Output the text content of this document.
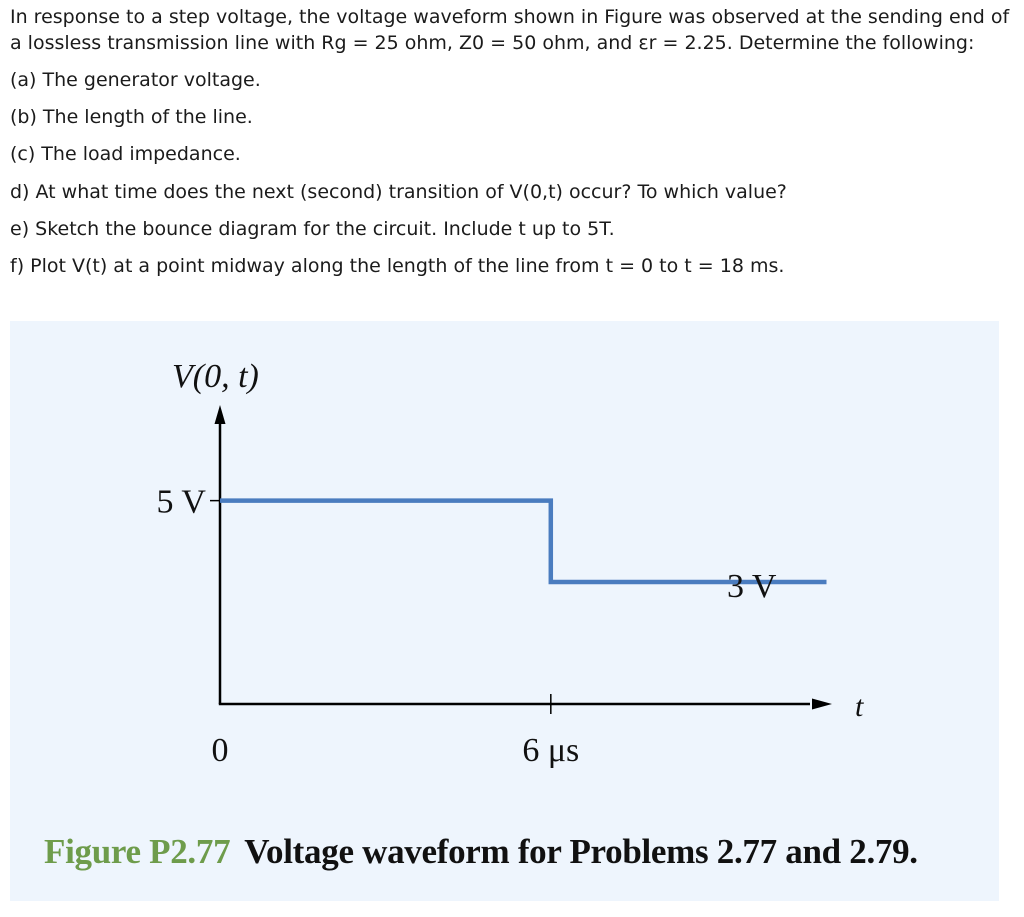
In response to a step voltage, the voltage waveform shown in Figure was observed at the sending end of a lossless transmission line with Rg = 25 ohm, Z0 = 50 ohm, and εr = 2.25. Determine the following:

(a) The generator voltage.

(b) The length of the line.

(c) The load impedance.

d) At what time does the next (second) transition of V(0,t) occur? To which value?

e) Sketch the bounce diagram for the circuit. Include t up to 5T.

f) Plot V(t) at a point midway along the length of the line from t = 0 to t = 18 ms.

V(0, t)
5 V
0	6 μs
3 V
t
Figure P2.77 Voltage waveform for Problems 2.77 and 2.79.
